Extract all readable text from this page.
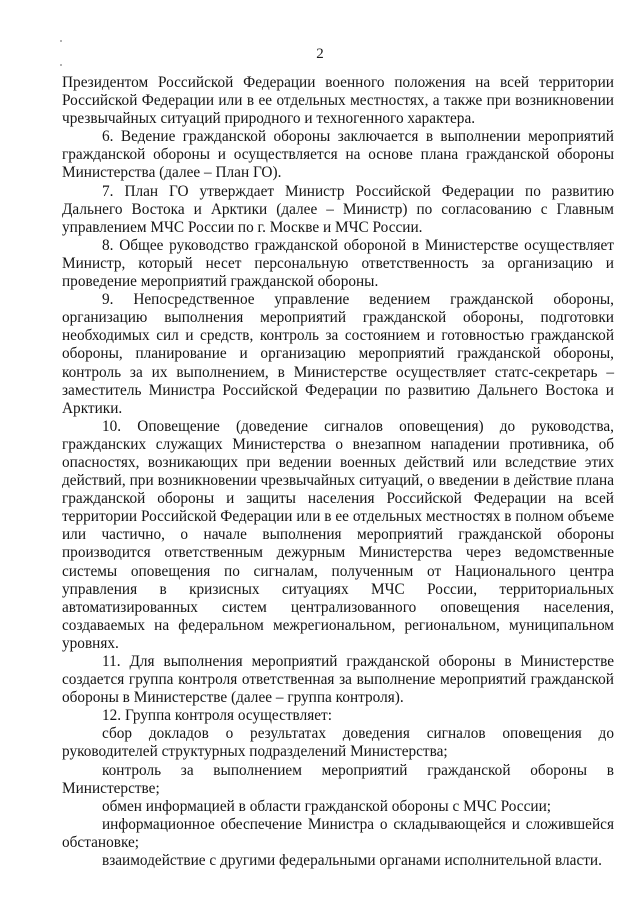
2

Президентом Российской Федерации военного положения на всей территории Российской Федерации или в ее отдельных местностях, а также при возникновении чрезвычайных ситуаций природного и техногенного характера.

6. Ведение гражданской обороны заключается в выполнении мероприятий гражданской обороны и осуществляется на основе плана гражданской обороны Министерства (далее – План ГО).

7. План ГО утверждает Министр Российской Федерации по развитию Дальнего Востока и Арктики (далее – Министр) по согласованию с Главным управлением МЧС России по г. Москве и МЧС России.

8. Общее руководство гражданской обороной в Министерстве осуществляет Министр, который несет персональную ответственность за организацию и проведение мероприятий гражданской обороны.

9. Непосредственное управление ведением гражданской обороны, организацию выполнения мероприятий гражданской обороны, подготовки необходимых сил и средств, контроль за состоянием и готовностью гражданской обороны, планирование и организацию мероприятий гражданской обороны, контроль за их выполнением, в Министерстве осуществляет статс-секретарь – заместитель Министра Российской Федерации по развитию Дальнего Востока и Арктики.

10. Оповещение (доведение сигналов оповещения) до руководства, гражданских служащих Министерства о внезапном нападении противника, об опасностях, возникающих при ведении военных действий или вследствие этих действий, при возникновении чрезвычайных ситуаций, о введении в действие плана гражданской обороны и защиты населения Российской Федерации на всей территории Российской Федерации или в ее отдельных местностях в полном объеме или частично, о начале выполнения мероприятий гражданской обороны производится ответственным дежурным Министерства через ведомственные системы оповещения по сигналам, полученным от Национального центра управления в кризисных ситуациях МЧС России, территориальных автоматизированных систем централизованного оповещения населения, создаваемых на федеральном межрегиональном, региональном, муниципальном уровнях.

11. Для выполнения мероприятий гражданской обороны в Министерстве создается группа контроля ответственная за выполнение мероприятий гражданской обороны в Министерстве (далее – группа контроля).

12. Группа контроля осуществляет:

сбор докладов о результатах доведения сигналов оповещения до руководителей структурных подразделений Министерства;

контроль за выполнением мероприятий гражданской обороны в Министерстве;

обмен информацией в области гражданской обороны с МЧС России;

информационное обеспечение Министра о складывающейся и сложившейся обстановке;

взаимодействие с другими федеральными органами исполнительной власти.
